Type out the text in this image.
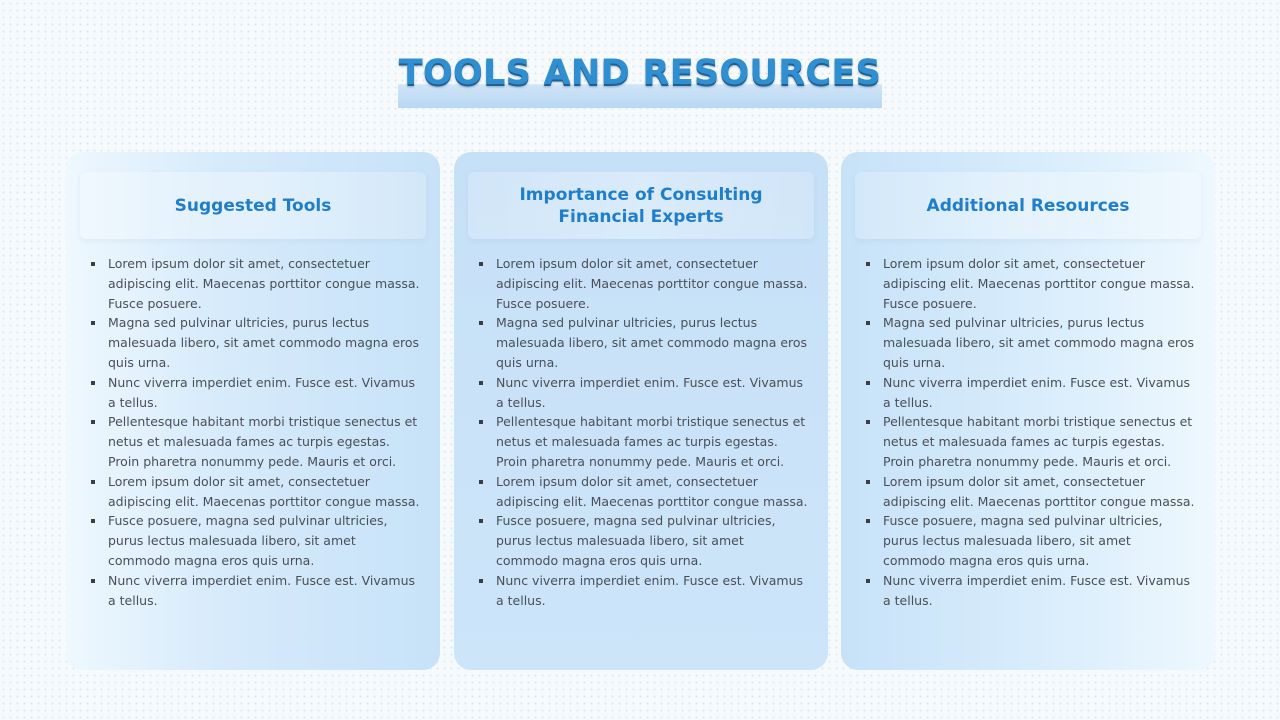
TOOLS AND RESOURCES
Suggested Tools
Lorem ipsum dolor sit amet, consectetuer adipiscing elit. Maecenas porttitor congue massa. Fusce posuere.
Magna sed pulvinar ultricies, purus lectus malesuada libero, sit amet commodo magna eros quis urna.
Nunc viverra imperdiet enim. Fusce est. Vivamus a tellus.
Pellentesque habitant morbi tristique senectus et netus et malesuada fames ac turpis egestas. Proin pharetra nonummy pede. Mauris et orci.
Lorem ipsum dolor sit amet, consectetuer adipiscing elit. Maecenas porttitor congue massa.
Fusce posuere, magna sed pulvinar ultricies, purus lectus malesuada libero, sit amet commodo magna eros quis urna.
Nunc viverra imperdiet enim. Fusce est. Vivamus a tellus.
Importance of Consulting Financial Experts
Lorem ipsum dolor sit amet, consectetuer adipiscing elit. Maecenas porttitor congue massa. Fusce posuere.
Magna sed pulvinar ultricies, purus lectus malesuada libero, sit amet commodo magna eros quis urna.
Nunc viverra imperdiet enim. Fusce est. Vivamus a tellus.
Pellentesque habitant morbi tristique senectus et netus et malesuada fames ac turpis egestas. Proin pharetra nonummy pede. Mauris et orci.
Lorem ipsum dolor sit amet, consectetuer adipiscing elit. Maecenas porttitor congue massa.
Fusce posuere, magna sed pulvinar ultricies, purus lectus malesuada libero, sit amet commodo magna eros quis urna.
Nunc viverra imperdiet enim. Fusce est. Vivamus a tellus.
Additional Resources
Lorem ipsum dolor sit amet, consectetuer adipiscing elit. Maecenas porttitor congue massa. Fusce posuere.
Magna sed pulvinar ultricies, purus lectus malesuada libero, sit amet commodo magna eros quis urna.
Nunc viverra imperdiet enim. Fusce est. Vivamus a tellus.
Pellentesque habitant morbi tristique senectus et netus et malesuada fames ac turpis egestas. Proin pharetra nonummy pede. Mauris et orci.
Lorem ipsum dolor sit amet, consectetuer adipiscing elit. Maecenas porttitor congue massa.
Fusce posuere, magna sed pulvinar ultricies, purus lectus malesuada libero, sit amet commodo magna eros quis urna.
Nunc viverra imperdiet enim. Fusce est. Vivamus a tellus.
